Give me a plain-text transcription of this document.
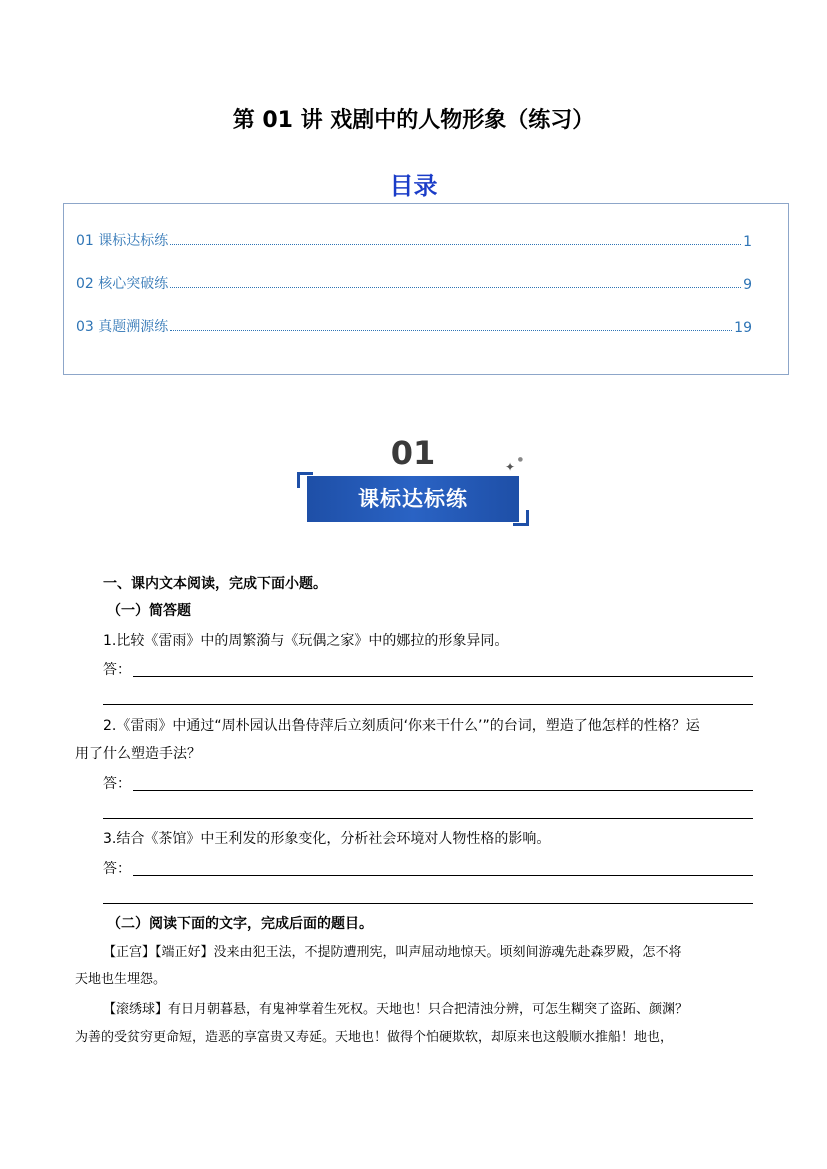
第 01 讲 戏剧中的人物形象（练习）
目录
01 课标达标练	1
02 核心突破练	9
03 真题溯源练	19
01	✦
●
课标达标练
一、课内文本阅读，完成下面小题。
（一）简答题
1.比较《雷雨》中的周繁漪与《玩偶之家》中的娜拉的形象异同。
答：
2.《雷雨》中通过“周朴园认出鲁侍萍后立刻质问‘你来干什么’”的台词，塑造了他怎样的性格？运
用了什么塑造手法？
答：
3.结合《茶馆》中王利发的形象变化，分析社会环境对人物性格的影响。
答：
（二）阅读下面的文字，完成后面的题目。
【正宫】【端正好】没来由犯王法，不提防遭刑宪，叫声屈动地惊天。顷刻间游魂先赴森罗殿，怎不将
天地也生埋怨。
【滚绣球】有日月朝暮悬，有鬼神掌着生死权。天地也！只合把清浊分辨，可怎生糊突了盗跖、颜渊？
为善的受贫穷更命短，造恶的享富贵又寿延。天地也！做得个怕硬欺软，却原来也这般顺水推船！地也，
